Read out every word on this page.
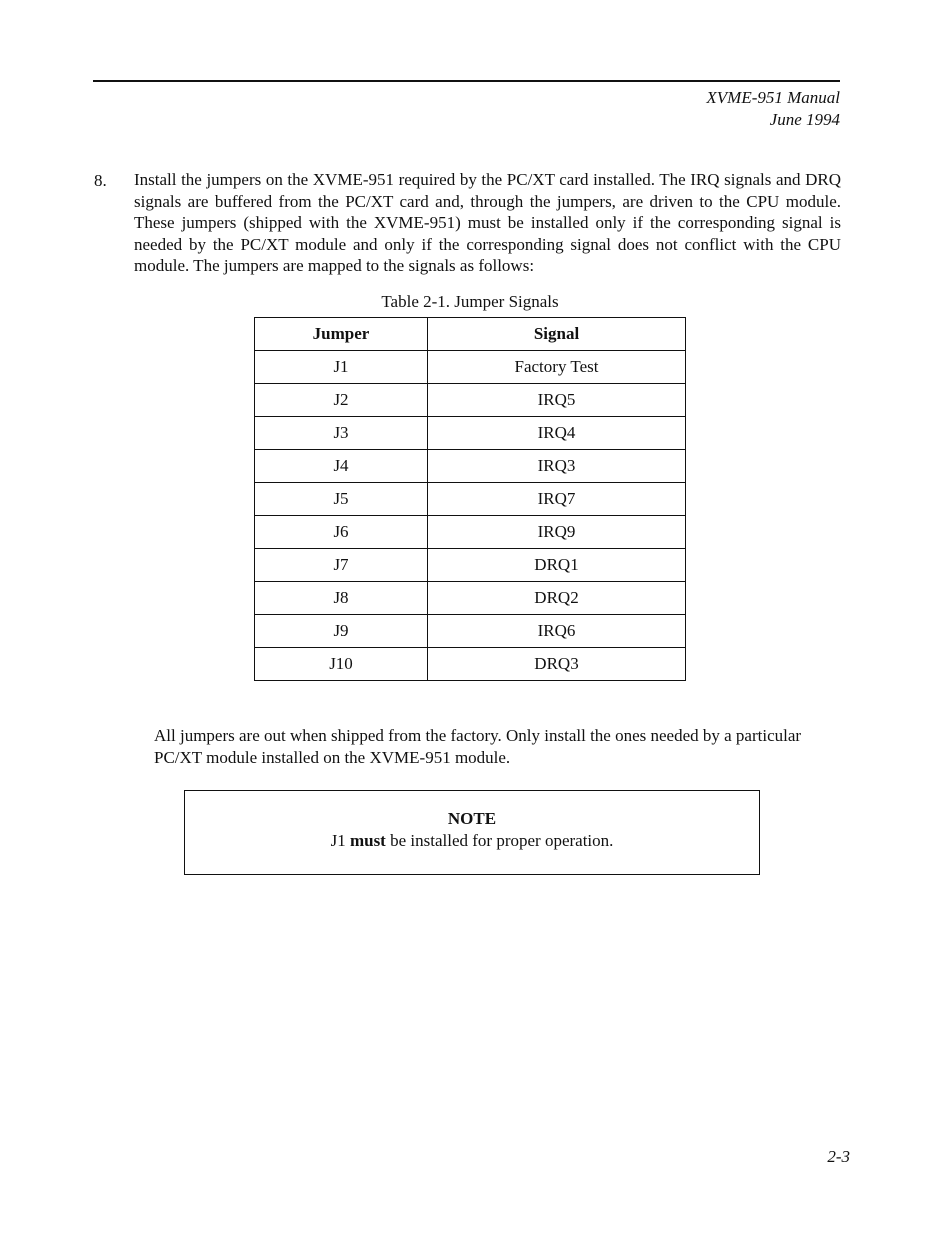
XVME-951 Manual
June 1994
8. Install the jumpers on the XVME-951 required by the PC/XT card installed. The IRQ signals and DRQ signals are buffered from the PC/XT card and, through the jumpers, are driven to the CPU module. These jumpers (shipped with the XVME-951) must be installed only if the corresponding signal is needed by the PC/XT module and only if the corresponding signal does not conflict with the CPU module. The jumpers are mapped to the signals as follows:
Table 2-1. Jumper Signals
Jumper	Signal
J1	Factory Test
J2	IRQ5
J3	IRQ4
J4	IRQ3
J5	IRQ7
J6	IRQ9
J7	DRQ1
J8	DRQ2
J9	IRQ6
J10	DRQ3
All jumpers are out when shipped from the factory. Only install the ones needed by a particular PC/XT module installed on the XVME-951 module.
NOTE
J1 must be installed for proper operation.
2-3
